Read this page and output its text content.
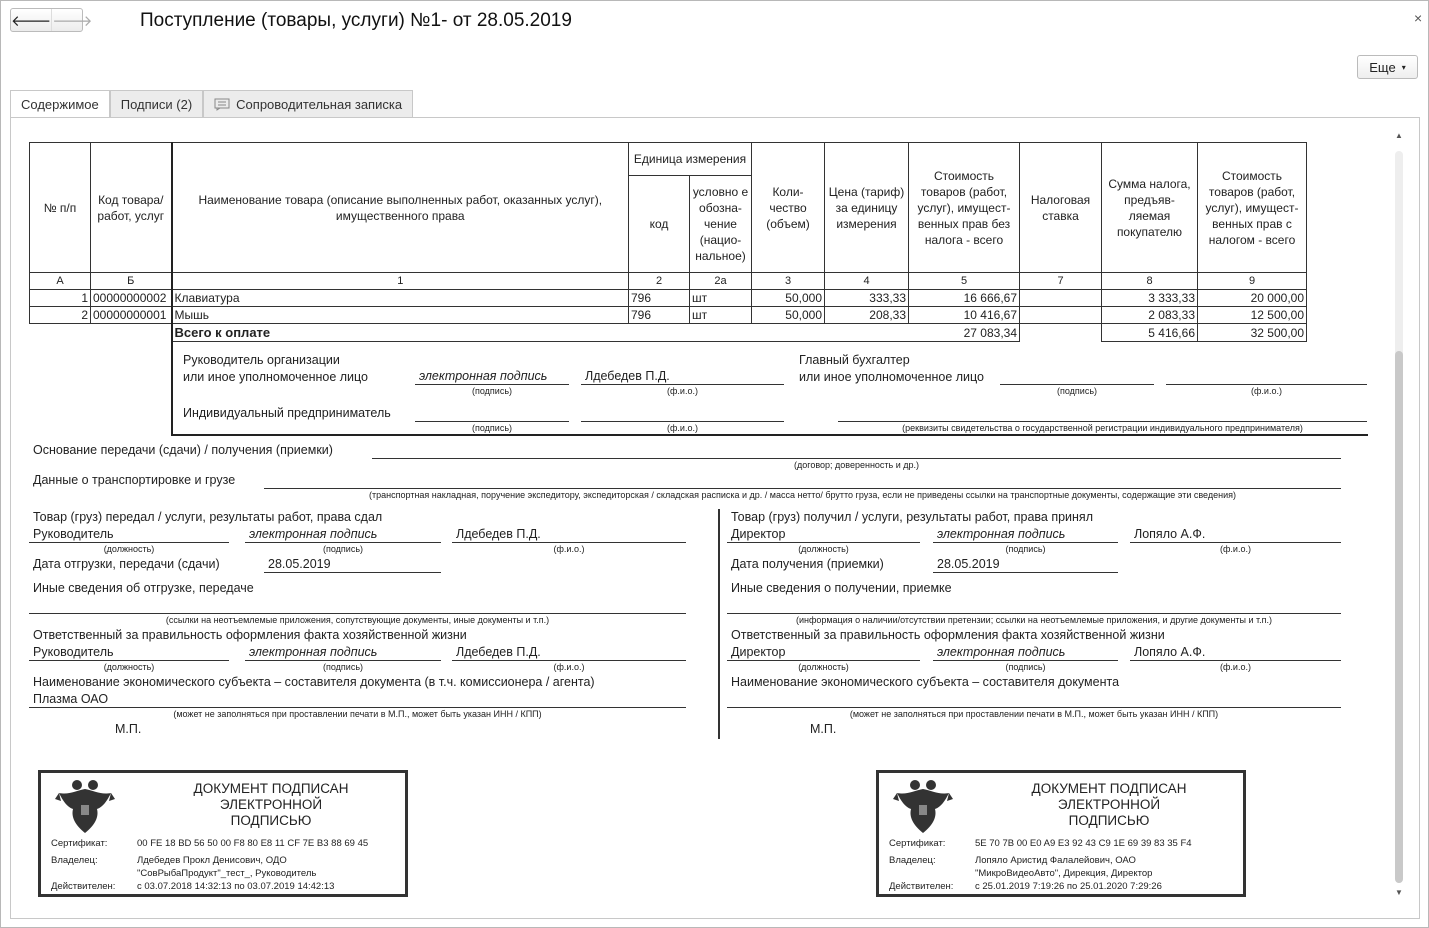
🡐 🡒	Поступление (товары, услуги) №1- от 28.05.2019	×
Еще ▾
Содержимое Подписи (2)	Сопроводительная записка
▲
▼
№ п/п	Код товара/ работ, услуг	Наименование товара (описание выполненных работ, оказанных услуг), имущественного права	Единица измерения		Коли-чество (объем)	Цена (тариф) за единицу измерения	Стоимость товаров (работ, услуг), имущест-венных прав без налога - всего	Налоговая ставка	Сумма налога, предъяв-ляемая покупателю	Стоимость товаров (работ, услуг), имущест-венных прав с налогом - всего
			код	условно е обозна-чение (нацио-нальное)						
А	Б	1	2	2а	3	4	5	7	8	9
1	00000000002	Клавиатура	796	шт	50,000	333,33	16 666,67		3 333,33	20 000,00
2	00000000001	Мышь	796	шт	50,000	208,33	10 416,67		2 083,33	12 500,00
		Всего к оплате					27 083,34		5 416,66	32 500,00
Руководитель организации
или иное уполномоченное лицо	электронная подпись	Лдебедев П.Д.
(подпись)	(ф.и.о.)
Главный бухгалтер
или иное уполномоченное лицо
(подпись)	(ф.и.о.)
Индивидуальный предприниматель
(подпись)	(ф.и.о.)	(реквизиты свидетельства о государственной регистрации индивидуального предпринимателя)
Основание передачи (сдачи) / получения (приемки)
(договор; доверенность и др.)
Данные о транспортировке и грузе
(транспортная накладная, поручение экспедитору, экспедиторская / складская расписка и др. / масса нетто/ брутто груза, если не приведены ссылки на транспортные документы, содержащие эти сведения)
Товар (груз) передал / услуги, результаты работ, права сдал
Руководитель	электронная подпись	Лдебедев П.Д.
(должность)	(подпись)	(ф.и.о.)
Дата отгрузки, передачи (сдачи)	28.05.2019
Иные сведения об отгрузке, передаче
(ссылки на неотъемлемые приложения, сопутствующие документы, иные документы и т.п.)
Ответственный за правильность оформления факта хозяйственной жизни
Руководитель	электронная подпись	Лдебедев П.Д.
(должность)	(подпись)	(ф.и.о.)
Наименование экономического субъекта – составителя документа (в т.ч. комиссионера / агента)
Плазма ОАО
(может не заполняться при проставлении печати в М.П., может быть указан ИНН / КПП)
М.П.
Товар (груз) получил / услуги, результаты работ, права принял
Директор	электронная подпись	Лопяло А.Ф.
(должность)	(подпись)	(ф.и.о.)
Дата получения (приемки)	28.05.2019
Иные сведения о получении, приемке
(информация о наличии/отсутствии претензии; ссылки на неотъемлемые приложения, и другие документы и т.п.)
Ответственный за правильность оформления факта хозяйственной жизни
Директор	электронная подпись	Лопяло А.Ф.
(должность)	(подпись)	(ф.и.о.)
Наименование экономического субъекта – составителя документа
(может не заполняться при проставлении печати в М.П., может быть указан ИНН / КПП)
М.П.
ДОКУМЕНТ ПОДПИСАН
ЭЛЕКТРОННОЙ ПОДПИСЬЮ
Сертификат:	00 FE 18 BD 56 50 00 F8 80 E8 11 CF 7E B3 88 69 45
Владелец:	Лдебедев Прокл Денисович, ОДО
"СовРыбаПродукт"_тест_, Руководитель
Действителен: с 03.07.2018 14:32:13 по 03.07.2019 14:42:13
ДОКУМЕНТ ПОДПИСАН
ЭЛЕКТРОННОЙ ПОДПИСЬЮ
Сертификат:	5E 70 7B 00 E0 A9 E3 92 43 C9 1E 69 39 83 35 F4
Владелец:	Лопяло Аристид Фалалейович, ОАО
"МикроВидеоАвто", Дирекция, Директор
Действителен: с 25.01.2019 7:19:26 по 25.01.2020 7:29:26
